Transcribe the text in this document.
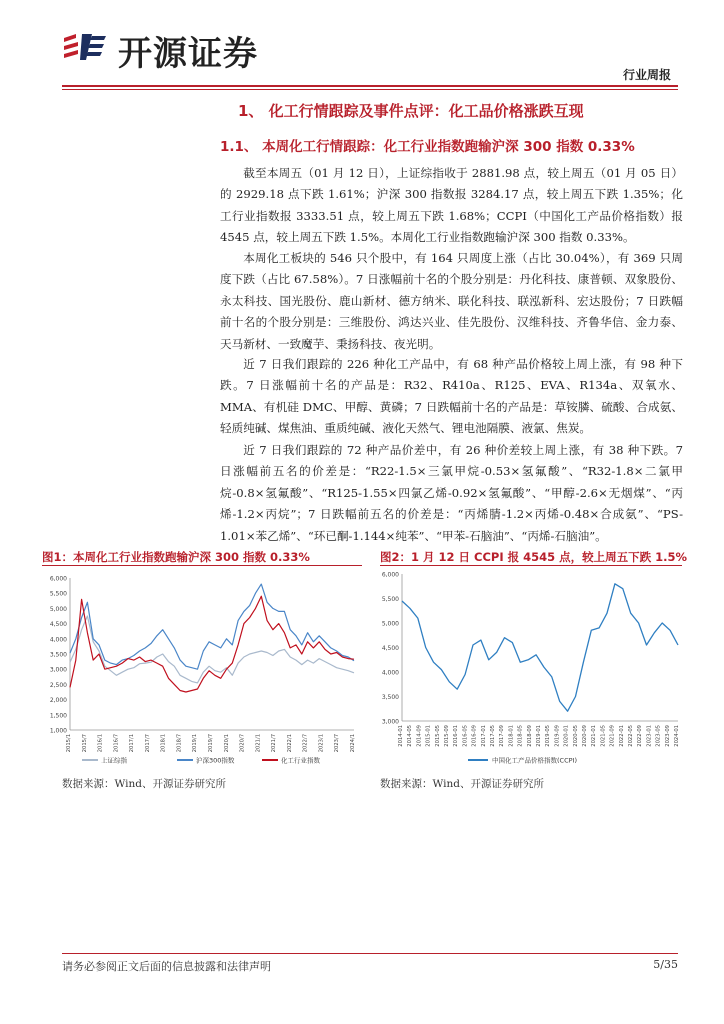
开源证券
行业周报
1、 化工行情跟踪及事件点评：化工品价格涨跌互现
1.1、 本周化工行情跟踪：化工行业指数跑输沪深 300 指数 0.33%
截至本周五（01 月 12 日），上证综指收于 2881.98 点，较上周五（01 月 05 日）的 2929.18 点下跌 1.61%；沪深 300 指数报 3284.17 点，较上周五下跌 1.35%；化工行业指数报 3333.51 点，较上周五下跌 1.68%；CCPI（中国化工产品价格指数）报 4545 点，较上周五下跌 1.5%。本周化工行业指数跑输沪深 300 指数 0.33%。
本周化工板块的 546 只个股中，有 164 只周度上涨（占比 30.04%），有 369 只周度下跌（占比 67.58%）。7 日涨幅前十名的个股分别是：丹化科技、康普顿、双象股份、永太科技、国光股份、鹿山新材、德方纳米、联化科技、联泓新科、宏达股份；7 日跌幅前十名的个股分别是：三维股份、鸿达兴业、佳先股份、汉维科技、齐鲁华信、金力泰、天马新材、一致魔芋、秉扬科技、夜光明。
近 7 日我们跟踪的 226 种化工产品中，有 68 种产品价格较上周上涨，有 98 种下跌。7 日涨幅前十名的产品是：R32、R410a、R125、EVA、R134a、双氧水、MMA、有机硅 DMC、甲醇、黄磷；7 日跌幅前十名的产品是：草铵膦、硫酸、合成氨、轻质纯碱、煤焦油、重质纯碱、液化天然气、锂电池隔膜、液氯、焦炭。
近 7 日我们跟踪的 72 种产品价差中，有 26 种价差较上周上涨，有 38 种下跌。7 日涨幅前五名的价差是：“R22-1.5×三氯甲烷-0.53×氢氟酸”、“R32-1.8×二氯甲烷-0.8×氢氟酸”、“R125-1.55×四氯乙烯-0.92×氢氟酸”、“甲醇-2.6×无烟煤”、“丙烯-1.2×丙烷”；7 日跌幅前五名的价差是：“丙烯腈-1.2×丙烯-0.48×合成氨”、“PS-1.01×苯乙烯”、“环已酮-1.144×纯苯”、“甲苯-石脑油”、“丙烯-石脑油”。
图1：本周化工行业指数跑输沪深 300 指数 0.33%	图2：1 月 12 日 CCPI 报 4545 点，较上周五下跌 1.5%
1,000
1,500
2,000
2,500
3,000
3,500
4,000
4,500
5,000
5,500
6,000
2015/1 2015/7 2016/1 2016/7 2017/1 2017/7 2018/1 2018/7 2019/1 2019/7 2020/1 2020/7 2021/1 2021/7 2022/1 2022/7 2023/1 2023/7 2024/1
上证综指	沪深300指数	化工行业指数
3,000
3,500
4,000
4,500
5,000
5,500
6,000
2014-01 2014-05 2014-09 2015-01 2015-05 2015-09 2016-01 2016-05 2016-09 2017-01 2017-05 2017-09 2018-01 2018-05 2018-09 2019-01 2019-05 2019-09 2020-01 2020-05 2020-09 2021-01 2021-05 2021-09 2022-01 2022-05 2022-09 2023-01 2023-05 2023-09 2024-01
中国化工产品价格指数(CCPI)
数据来源：Wind、开源证券研究所	数据来源：Wind、开源证券研究所
请务必参阅正文后面的信息披露和法律声明	5/35
